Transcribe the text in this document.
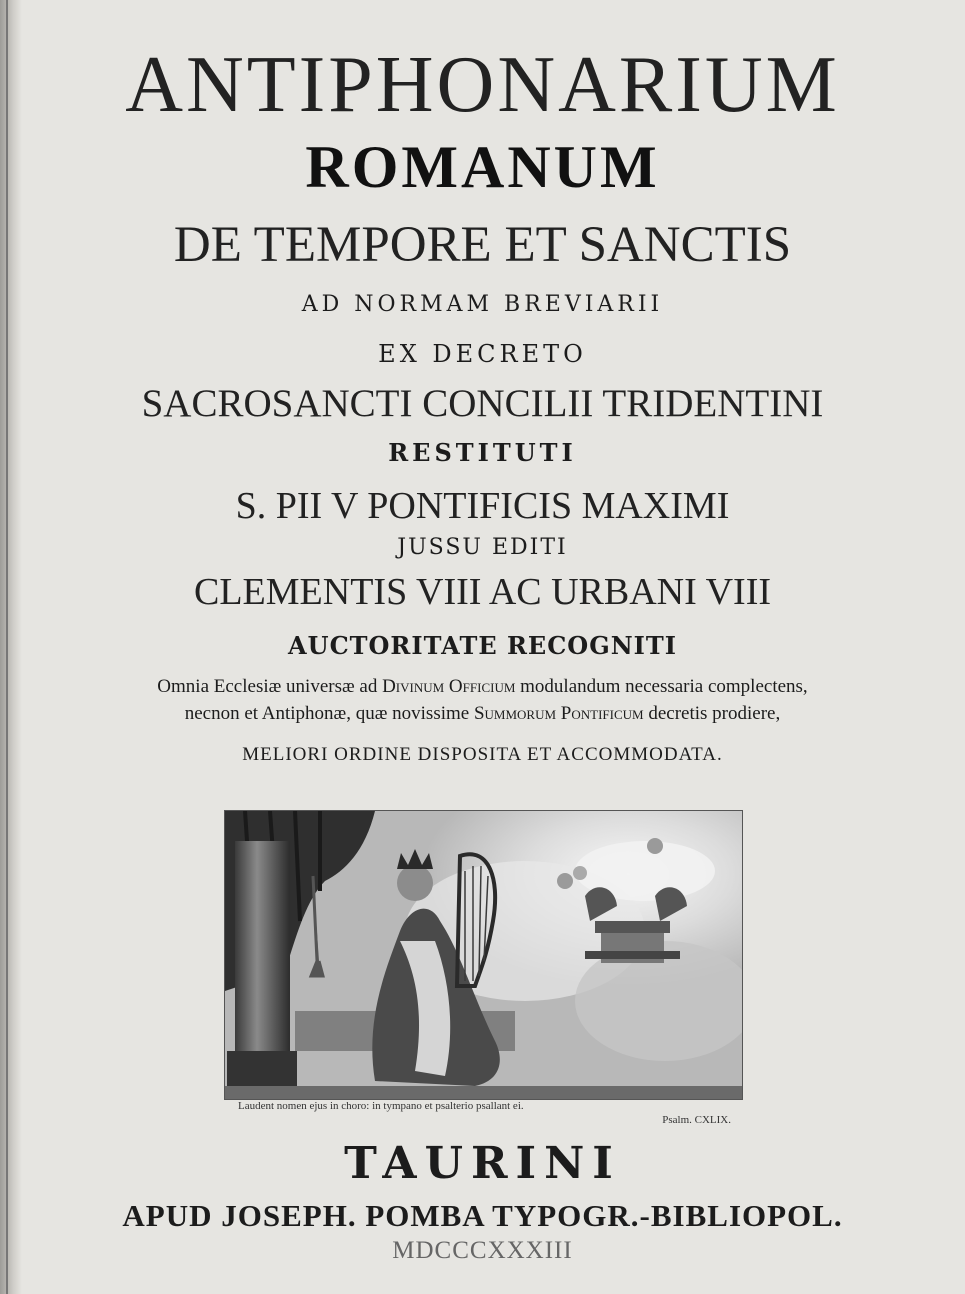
ANTIPHONARIUM
ROMANUM
DE TEMPORE ET SANCTIS
AD NORMAM BREVIARII
EX DECRETO
SACROSANCTI CONCILII TRIDENTINI
RESTITUTI
S. PII V PONTIFICIS MAXIMI
JUSSU EDITI
CLEMENTIS VIII AC URBANI VIII
AUCTORITATE RECOGNITI
Omnia Ecclesiæ universæ ad Divinum Officium modulandum necessaria complectens,
necnon et Antiphonæ, quæ novissime Summorum Pontificum decretis prodiere,
MELIORI ORDINE DISPOSITA ET ACCOMMODATA.
Laudent nomen ejus in choro: in tympano et psalterio psallant ei.
Psalm. CXLIX.
TAURINI
APUD JOSEPH. POMBA TYPOGR.-BIBLIOPOL.
MDCCCXXXIII
